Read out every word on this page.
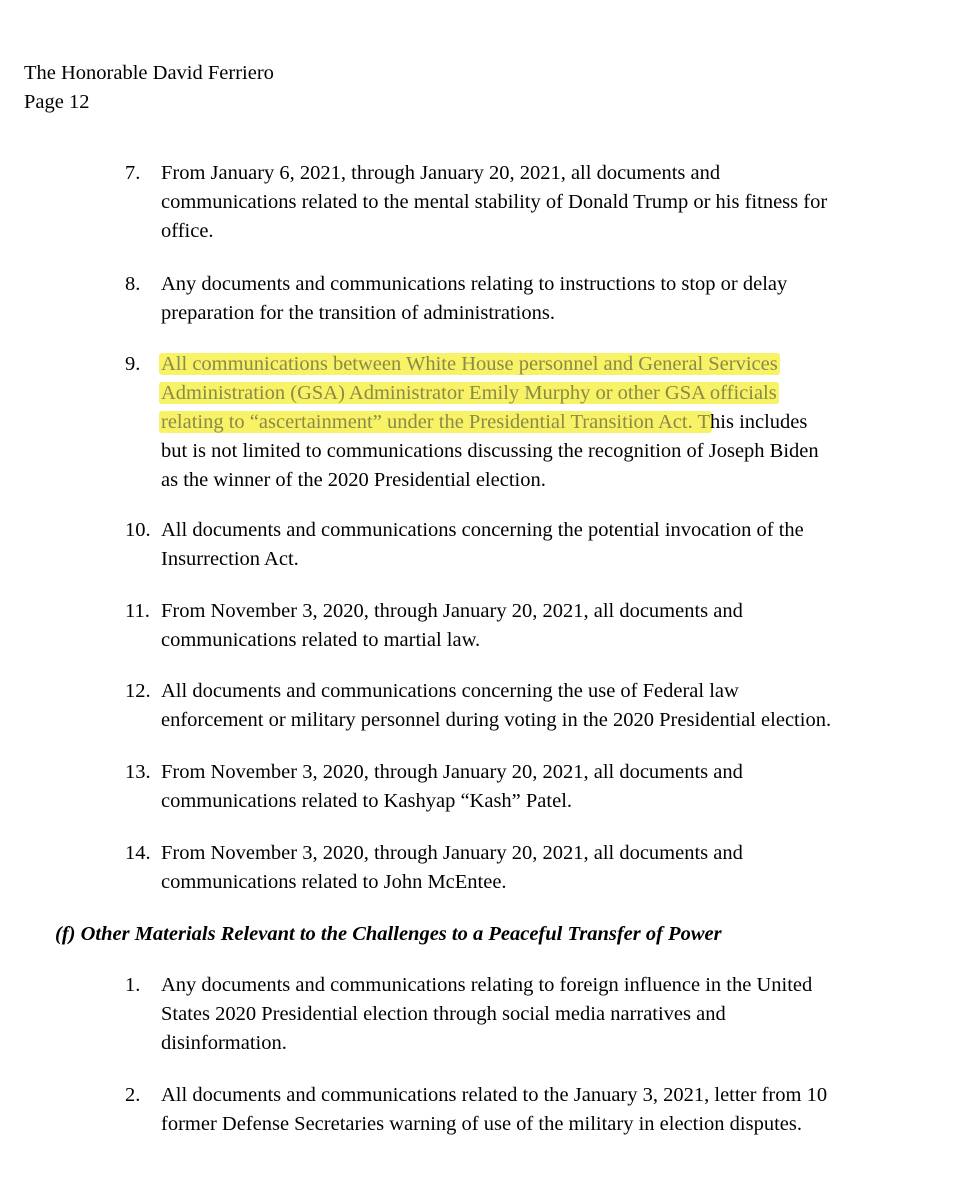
The Honorable David Ferriero
Page 12
7.	From January 6, 2021, through January 20, 2021, all documents and
communications related to the mental stability of Donald Trump or his fitness for
office.
8.	Any documents and communications relating to instructions to stop or delay
preparation for the transition of administrations.
9.	All communications between White House personnel and General Services
Administration (GSA) Administrator Emily Murphy or other GSA officials
relating to “ascertainment” under the Presidential Transition Act. This includes
but is not limited to communications discussing the recognition of Joseph Biden
as the winner of the 2020 Presidential election.
10. All documents and communications concerning the potential invocation of the
Insurrection Act.
11. From November 3, 2020, through January 20, 2021, all documents and
communications related to martial law.
12. All documents and communications concerning the use of Federal law
enforcement or military personnel during voting in the 2020 Presidential election.
13. From November 3, 2020, through January 20, 2021, all documents and
communications related to Kashyap “Kash” Patel.
14. From November 3, 2020, through January 20, 2021, all documents and
communications related to John McEntee.
(f) Other Materials Relevant to the Challenges to a Peaceful Transfer of Power
1.	Any documents and communications relating to foreign influence in the United
States 2020 Presidential election through social media narratives and
disinformation.
2.	All documents and communications related to the January 3, 2021, letter from 10
former Defense Secretaries warning of use of the military in election disputes.
